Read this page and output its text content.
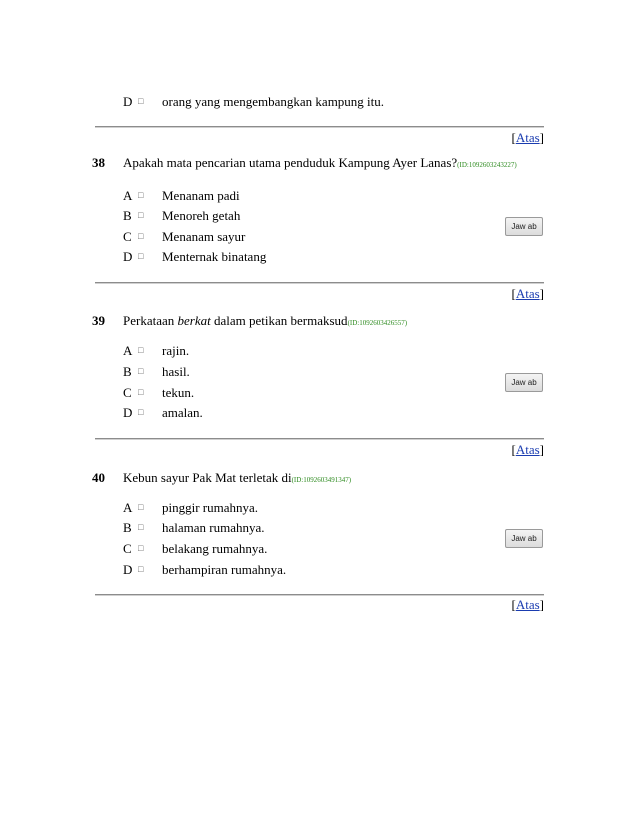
D □ orang yang mengembangkan kampung itu.
[Atas]
38 Apakah mata pencarian utama penduduk Kampung Ayer Lanas?(ID:1092603243227)
A □ Menanam padi
B □ Menoreh getah
C □ Menanam sayur
D □ Menternak binatang
Jaw ab
[Atas]
39 Perkataan berkat dalam petikan bermaksud(ID:1092603426557)
A □ rajin.
B □ hasil.
C □ tekun.
D □ amalan.
Jaw ab
[Atas]
40 Kebun sayur Pak Mat terletak di(ID:1092603491347)
A □ pinggir rumahnya.
B □ halaman rumahnya.
C □ belakang rumahnya.
D □ berhampiran rumahnya.
Jaw ab
[Atas]
